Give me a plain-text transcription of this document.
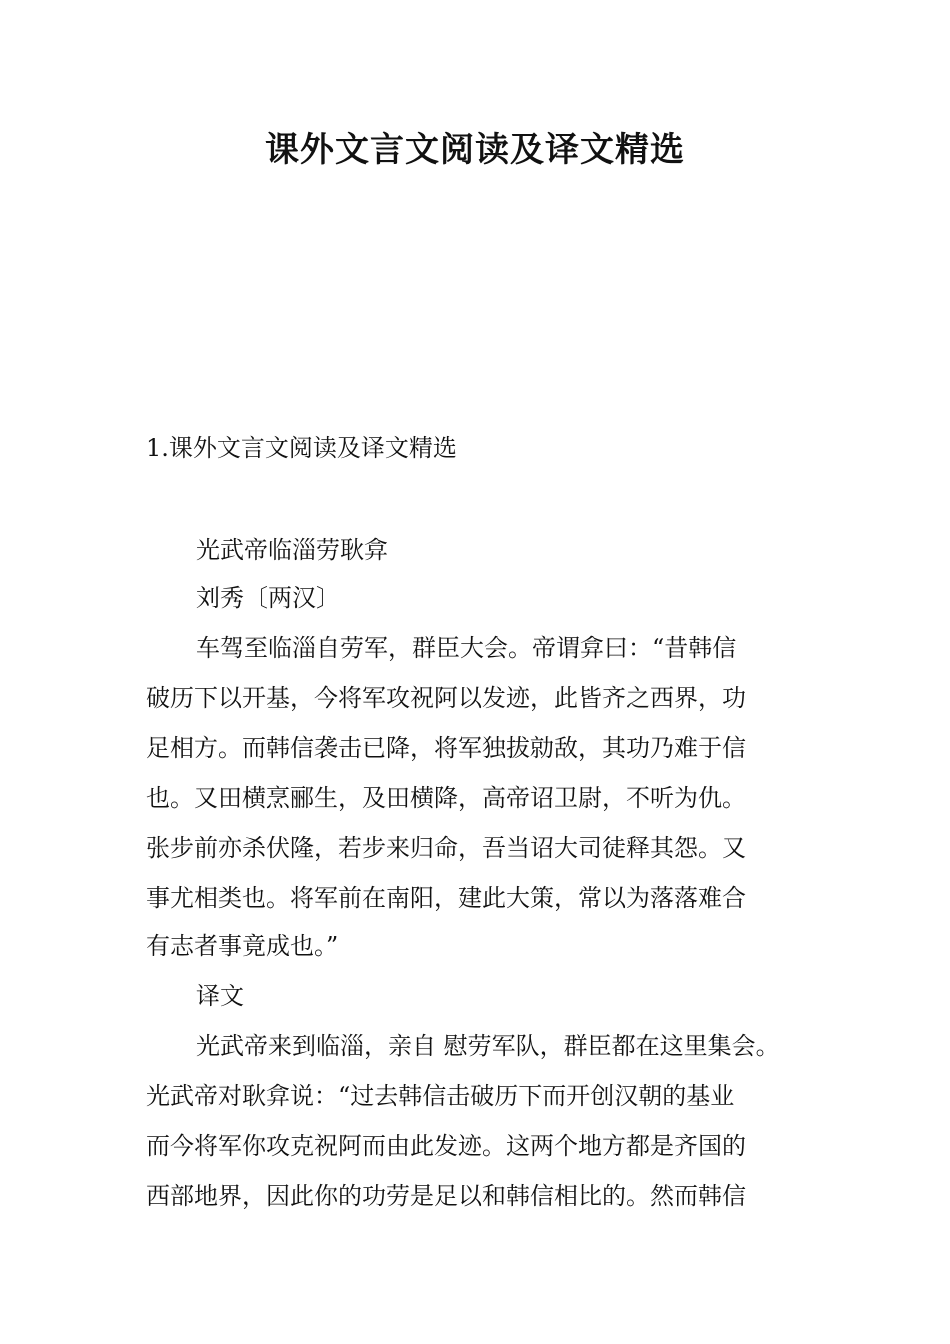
课外文言文阅读及译文精选
1.课外文言文阅读及译文精选
光武帝临淄劳耿弇
刘秀〔两汉〕
车驾至临淄自劳军，群臣大会。帝谓弇曰：“昔韩信
破历下以开基，今将军攻祝阿以发迹，此皆齐之西界，功
足相方。而韩信袭击已降，将军独拔勍敌，其功乃难于信
也。又田横烹郦生，及田横降，高帝诏卫尉，不听为仇。
张步前亦杀伏隆，若步来归命，吾当诏大司徒释其怨。又
事尤相类也。将军前在南阳，建此大策，常以为落落难合
有志者事竟成也。”
译文
光武帝来到临淄，亲自 慰劳军队，群臣都在这里集会。
光武帝对耿弇说：“过去韩信击破历下而开创汉朝的基业
而今将军你攻克祝阿而由此发迹。这两个地方都是齐国的
西部地界，因此你的功劳是足以和韩信相比的。然而韩信
